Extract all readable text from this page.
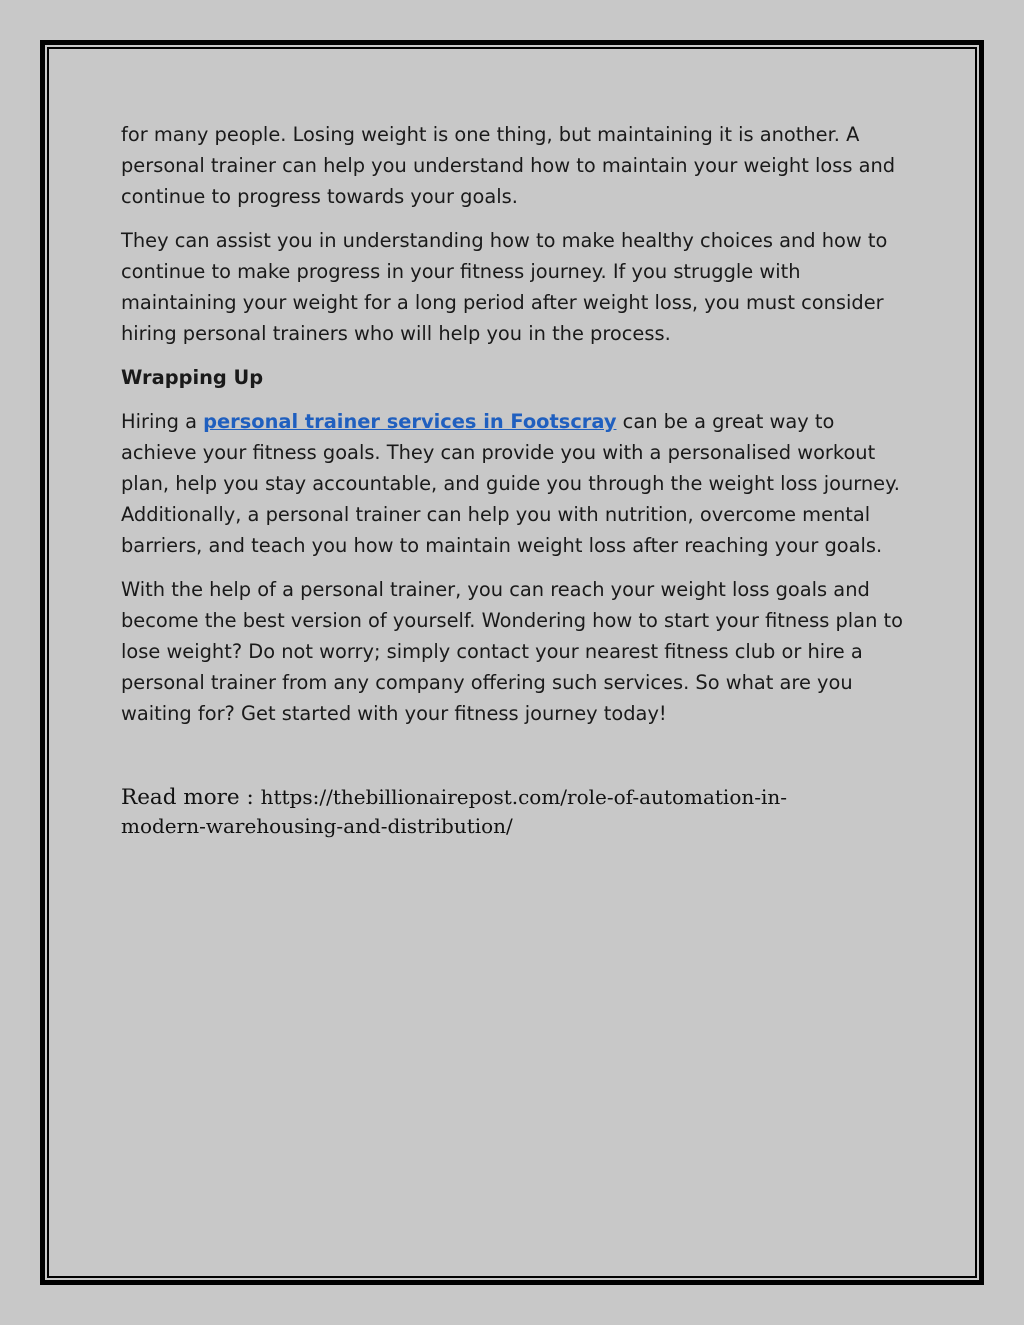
for many people. Losing weight is one thing, but maintaining it is another. A personal trainer can help you understand how to maintain your weight loss and continue to progress towards your goals.

They can assist you in understanding how to make healthy choices and how to continue to make progress in your fitness journey. If you struggle with maintaining your weight for a long period after weight loss, you must consider hiring personal trainers who will help you in the process.

Wrapping Up

Hiring a personal trainer services in Footscray can be a great way to achieve your fitness goals. They can provide you with a personalised workout plan, help you stay accountable, and guide you through the weight loss journey. Additionally, a personal trainer can help you with nutrition, overcome mental barriers, and teach you how to maintain weight loss after reaching your goals.

With the help of a personal trainer, you can reach your weight loss goals and become the best version of yourself. Wondering how to start your fitness plan to lose weight? Do not worry; simply contact your nearest fitness club or hire a personal trainer from any company offering such services. So what are you waiting for? Get started with your fitness journey today!

Read more : https://thebillionairepost.com/role-of-automation-in-modern-warehousing-and-distribution/
